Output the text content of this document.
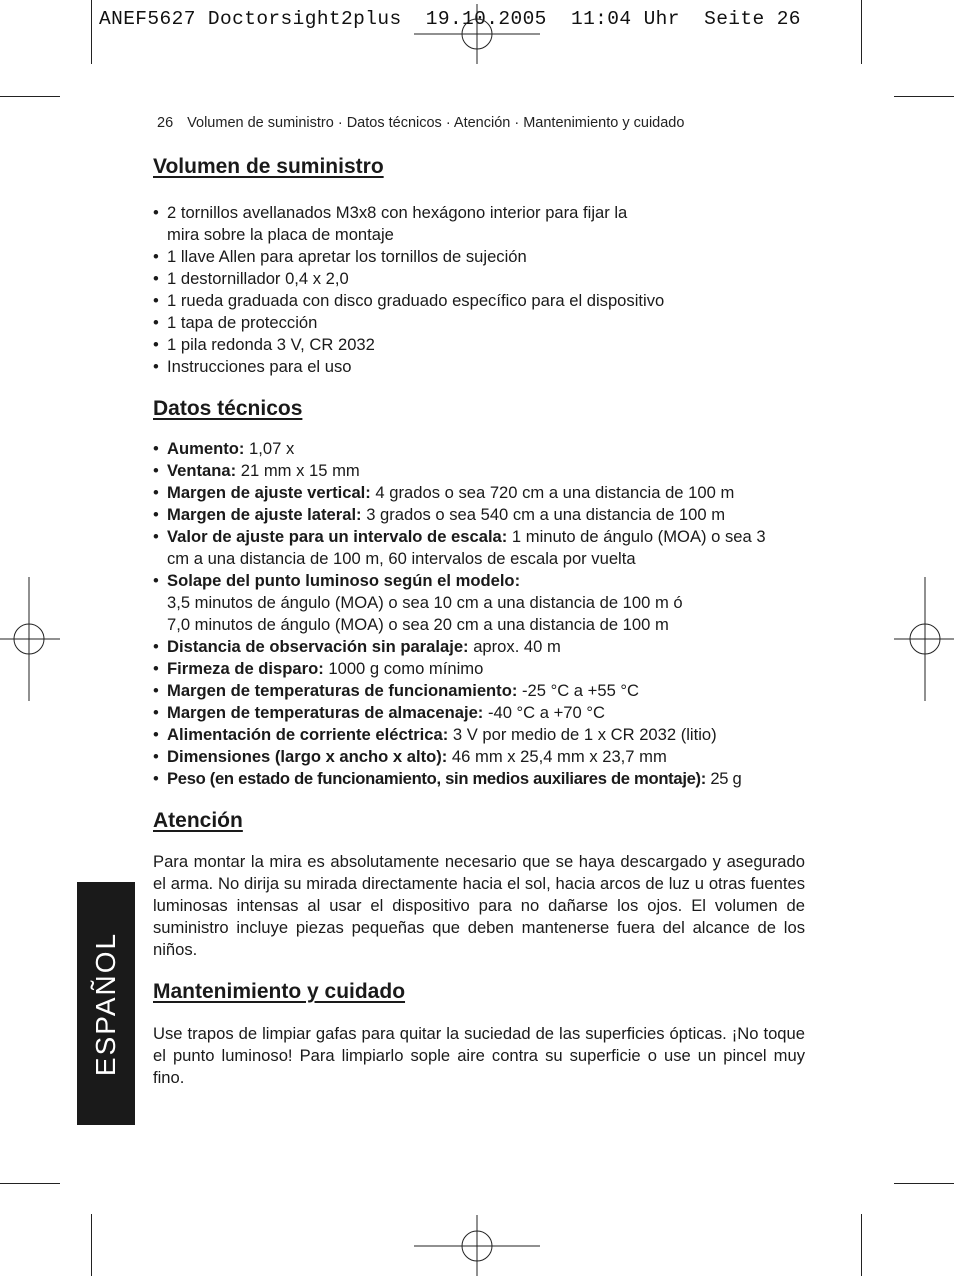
ANEF5627 Doctorsight2plus  19.10.2005  11:04 Uhr  Seite 26
26 Volumen de suministro · Datos técnicos · Atención · Mantenimiento y cuidado
Volumen de suministro
• 2 tornillos avellanados M3x8 con hexágono interior para fijar la mira sobre la placa de montaje
• 1 llave Allen para apretar los tornillos de sujeción
• 1 destornillador 0,4 x 2,0
• 1 rueda graduada con disco graduado específico para el dispositivo
• 1 tapa de protección
• 1 pila redonda 3 V, CR 2032
• Instrucciones para el uso
Datos técnicos
• Aumento: 1,07 x
• Ventana: 21 mm x 15 mm
• Margen de ajuste vertical: 4 grados o sea 720 cm a una distancia de 100 m
• Margen de ajuste lateral: 3 grados o sea 540 cm a una distancia de 100 m
• Valor de ajuste para un intervalo de escala: 1 minuto de ángulo (MOA) o sea 3 cm a una distancia de 100 m, 60 intervalos de escala por vuelta
• Solape del punto luminoso según el modelo:
3,5 minutos de ángulo (MOA) o sea 10 cm a una distancia de 100 m ó
7,0 minutos de ángulo (MOA) o sea 20 cm a una distancia de 100 m
• Distancia de observación sin paralaje: aprox. 40 m
• Firmeza de disparo: 1000 g como mínimo
• Margen de temperaturas de funcionamiento: -25 °C a +55 °C
• Margen de temperaturas de almacenaje: -40 °C a +70 °C
• Alimentación de corriente eléctrica: 3 V por medio de 1 x CR 2032 (litio)
• Dimensiones (largo x ancho x alto): 46 mm x 25,4 mm x 23,7 mm
• Peso (en estado de funcionamiento, sin medios auxiliares de montaje): 25 g
Atención

Para montar la mira es absolutamente necesario que se haya descargado y asegurado el arma. No dirija su mirada directamente hacia el sol, hacia arcos de luz u otras fuentes luminosas intensas al usar el dispositivo para no dañarse los ojos. El volumen de suministro incluye piezas pequeñas que deben mantenerse fuera del alcance de los niños.

Mantenimiento y cuidado

Use trapos de limpiar gafas para quitar la suciedad de las superficies ópticas. ¡No toque el punto luminoso! Para limpiarlo sople aire contra su superficie o use un pincel muy fino.

ESPAÑOL
